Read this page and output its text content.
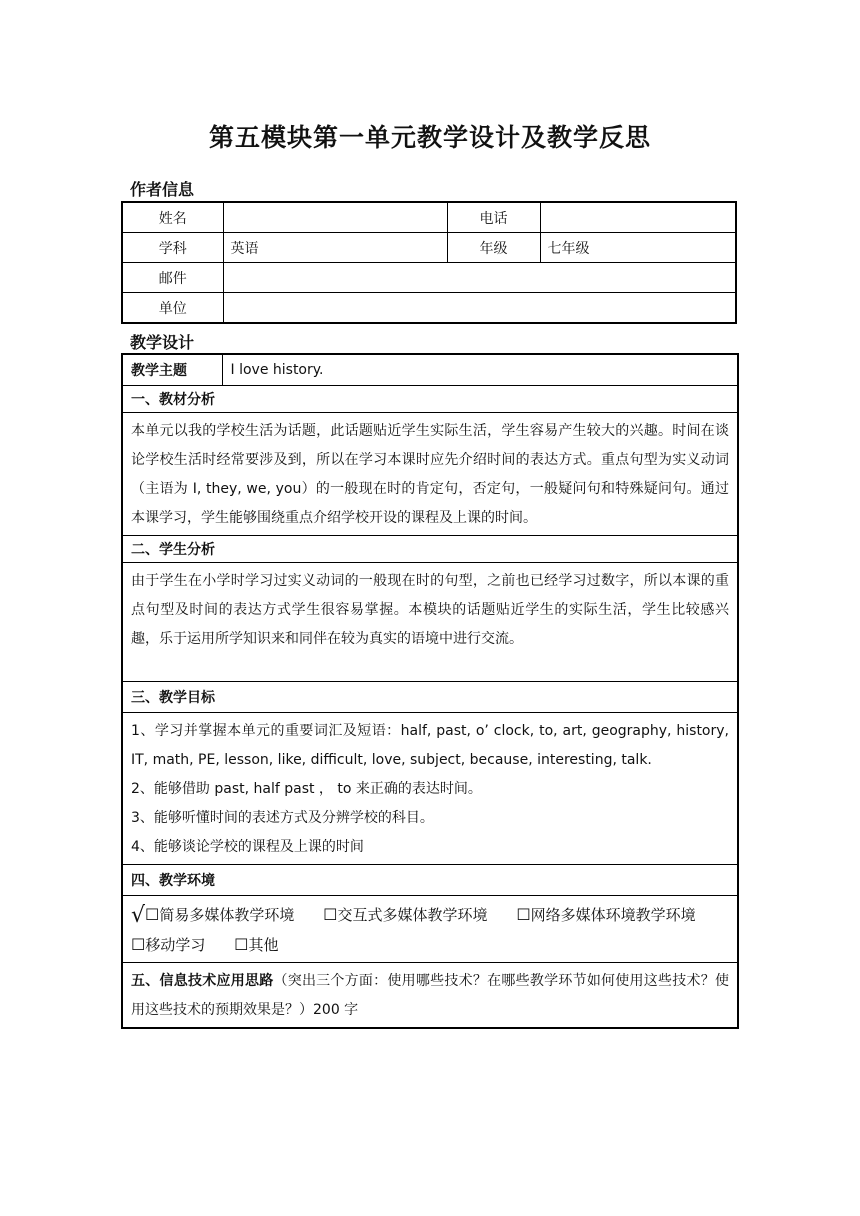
第五模块第一单元教学设计及教学反思
作者信息
姓名		电话	
学科	英语	年级	七年级
邮件			
单位			
教学设计
教学主题	I love history.
一、教材分析

本单元以我的学校生活为话题，此话题贴近学生实际生活，学生容易产生较大的兴趣。时间在谈论学校生活时经常要涉及到，所以在学习本课时应先介绍时间的表达方式。重点句型为实义动词（主语为 I, they, we, you）的一般现在时的肯定句，否定句，一般疑问句和特殊疑问句。通过本课学习，学生能够围绕重点介绍学校开设的课程及上课的时间。

二、学生分析

由于学生在小学时学习过实义动词的一般现在时的句型，之前也已经学习过数字，所以本课的重点句型及时间的表达方式学生很容易掌握。本模块的话题贴近学生的实际生活，学生比较感兴趣，乐于运用所学知识来和同伴在较为真实的语境中进行交流。

三、教学目标

1、学习并掌握本单元的重要词汇及短语：half, past, o’ clock, to, art, geography, history, IT, math, PE, lesson, like, difficult, love, subject, because, interesting, talk.
2、能够借助 past, half past ， to 来正确的表达时间。
3、能够听懂时间的表述方式及分辨学校的科目。
4、能够谈论学校的课程及上课的时间

四、教学环境

√☐简易多媒体教学环境 ☐交互式多媒体教学环境 ☐网络多媒体环境教学环境
☐移动学习 ☐其他

五、信息技术应用思路（突出三个方面：使用哪些技术？在哪些教学环节如何使用这些技术？使用这些技术的预期效果是？）200 字
